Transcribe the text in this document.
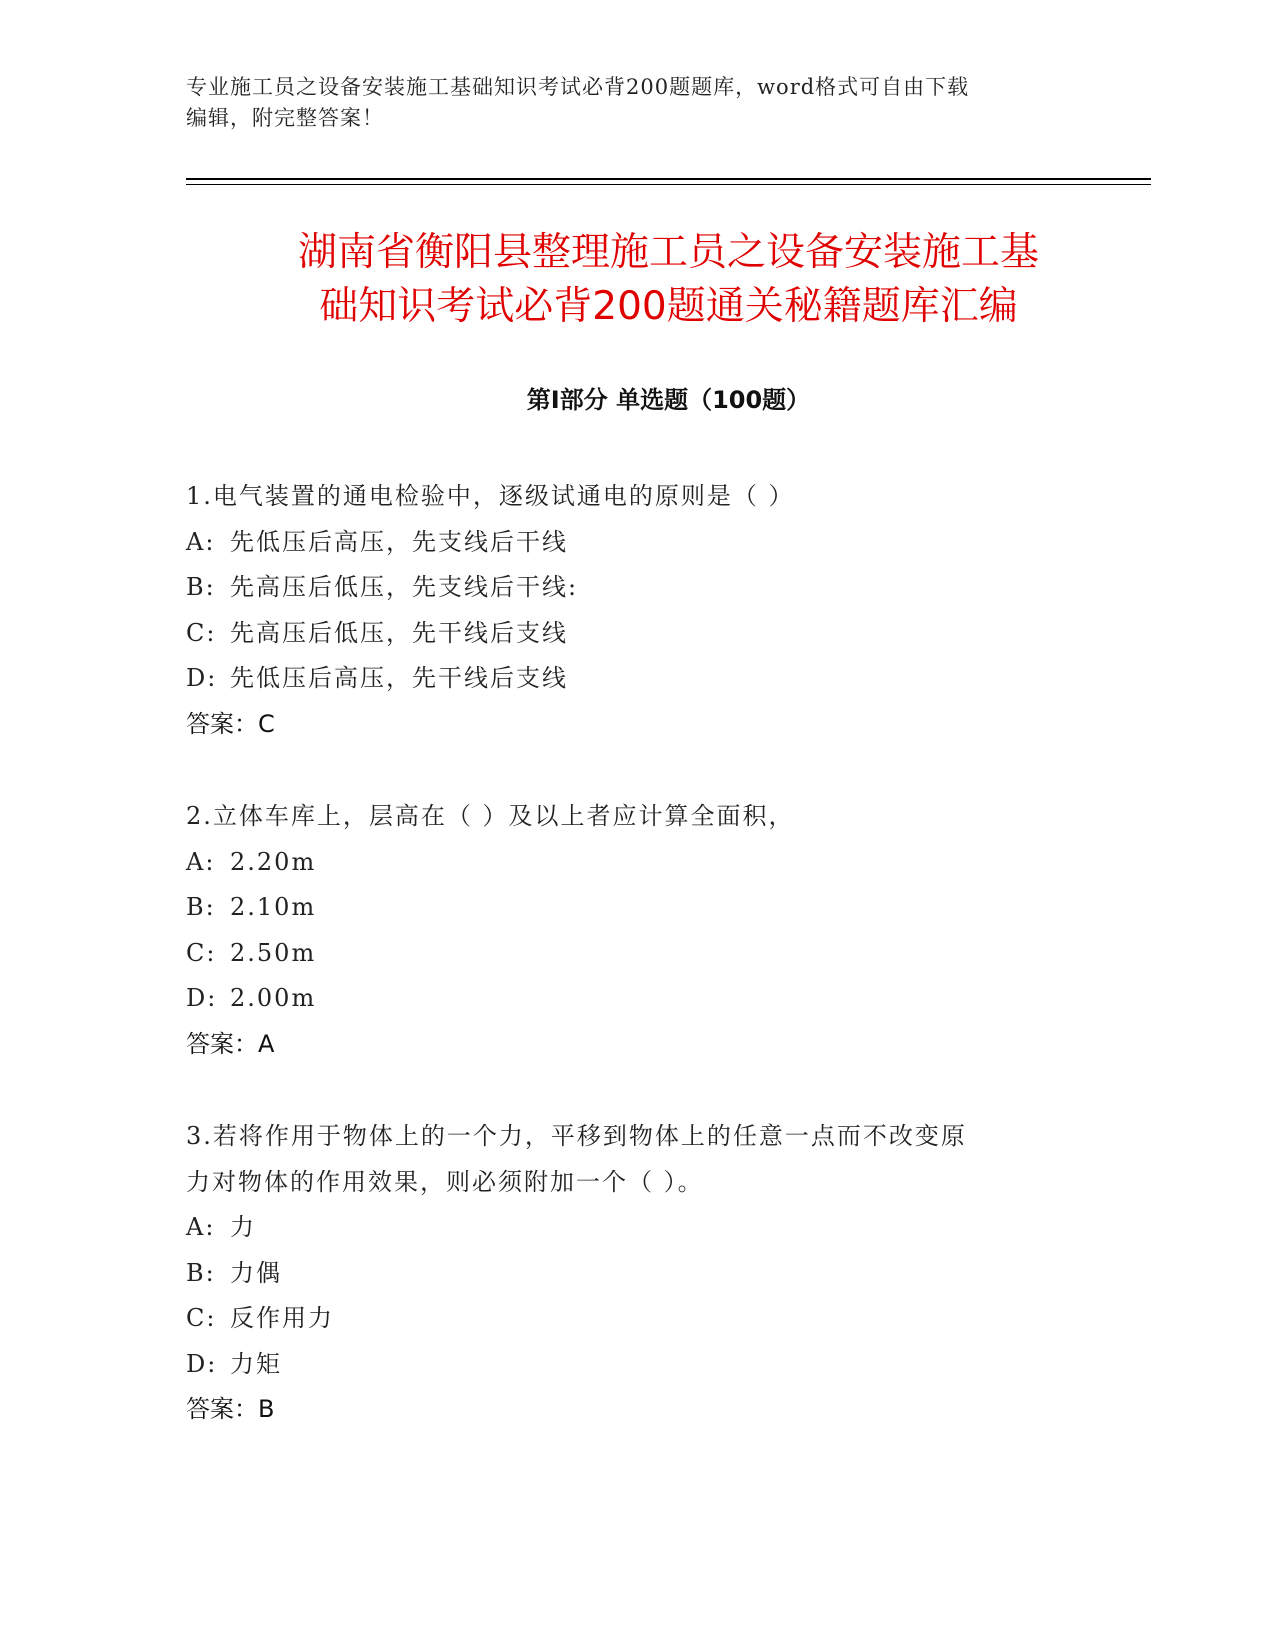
专业施工员之设备安装施工基础知识考试必背200题题库，word格式可自由下载
编辑，附完整答案！
湖南省衡阳县整理施工员之设备安装施工基
础知识考试必背200题通关秘籍题库汇编
第Ⅰ部分 单选题（100题）
1.电气装置的通电检验中，逐级试通电的原则是（ ）
A: 先低压后高压，先支线后干线
B: 先高压后低压，先支线后干线:
C: 先高压后低压，先干线后支线
D: 先低压后高压，先干线后支线
答案：C
2.立体车库上，层高在（ ）及以上者应计算全面积，
A: 2.20m
B: 2.10m
C: 2.50m
D: 2.00m
答案：A
3.若将作用于物体上的一个力，平移到物体上的任意一点而不改变原
力对物体的作用效果，则必须附加一个（ ）。
A: 力
B: 力偶
C: 反作用力
D: 力矩
答案：B
